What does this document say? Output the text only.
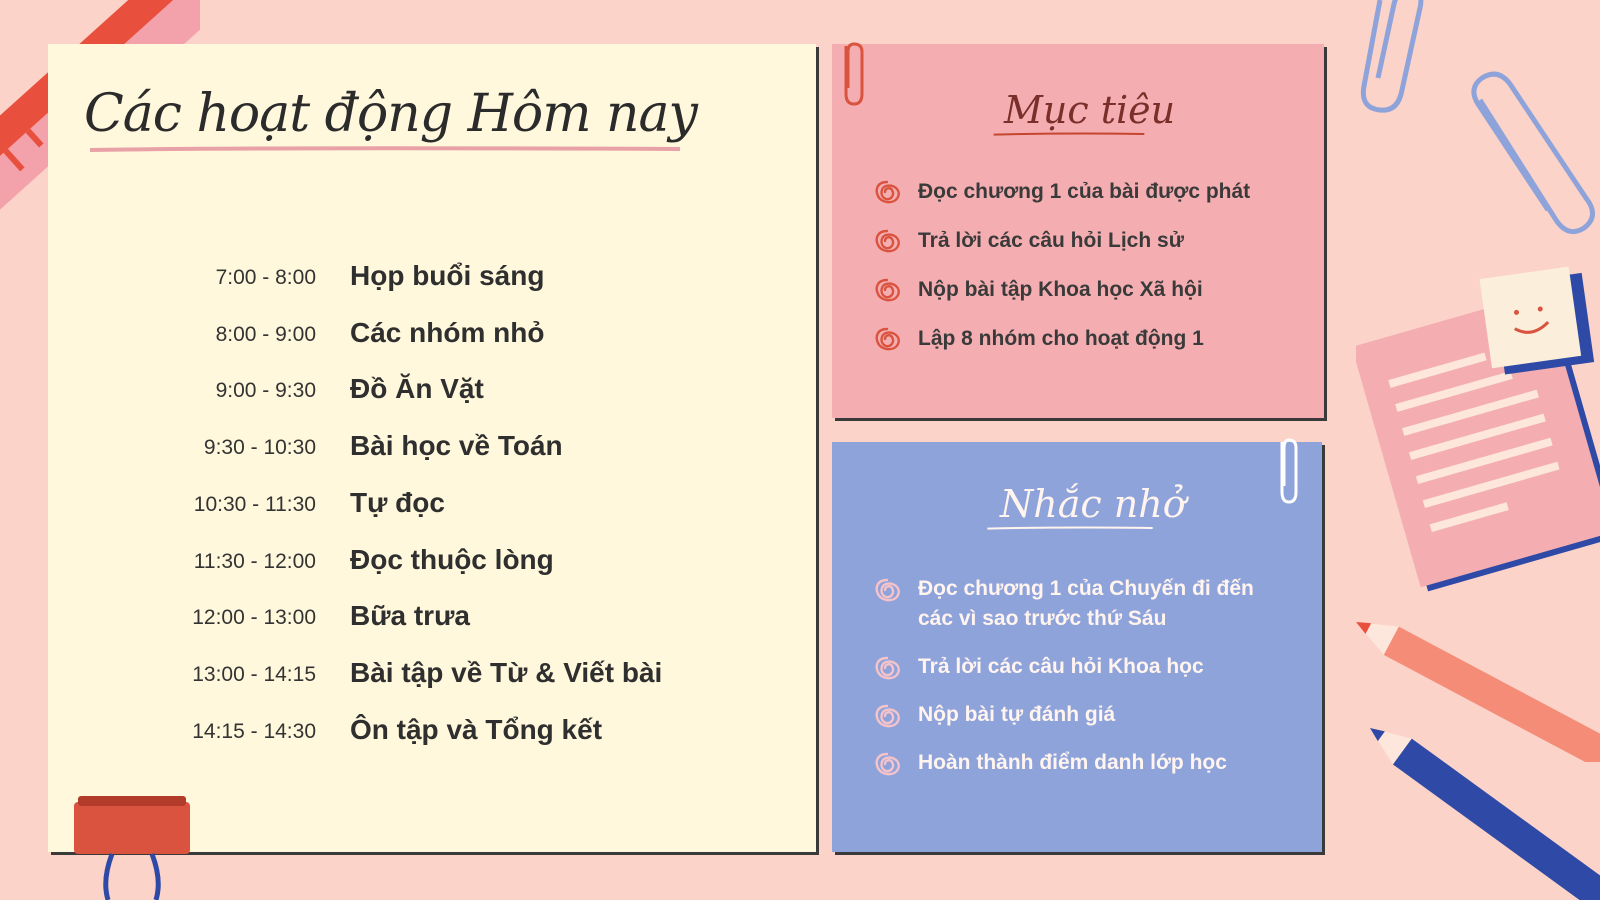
Các hoạt động Hôm nay
7:00 - 8:00 Họp buổi sáng
8:00 - 9:00 Các nhóm nhỏ
9:00 - 9:30 Đồ Ăn Vặt
9:30 - 10:30 Bài học về Toán
10:30 - 11:30 Tự đọc
11:30 - 12:00 Đọc thuộc lòng
12:00 - 13:00 Bữa trưa
13:00 - 14:15 Bài tập về Từ & Viết bài
14:15 - 14:30 Ôn tập và Tổng kết
Mục tiêu
Đọc chương 1 của bài được phát
Trả lời các câu hỏi Lịch sử
Nộp bài tập Khoa học Xã hội
Lập 8 nhóm cho hoạt động 1
Nhắc nhở
Đọc chương 1 của Chuyến đi đến các vì sao trước thứ Sáu
Trả lời các câu hỏi Khoa học
Nộp bài tự đánh giá
Hoàn thành điểm danh lớp học
